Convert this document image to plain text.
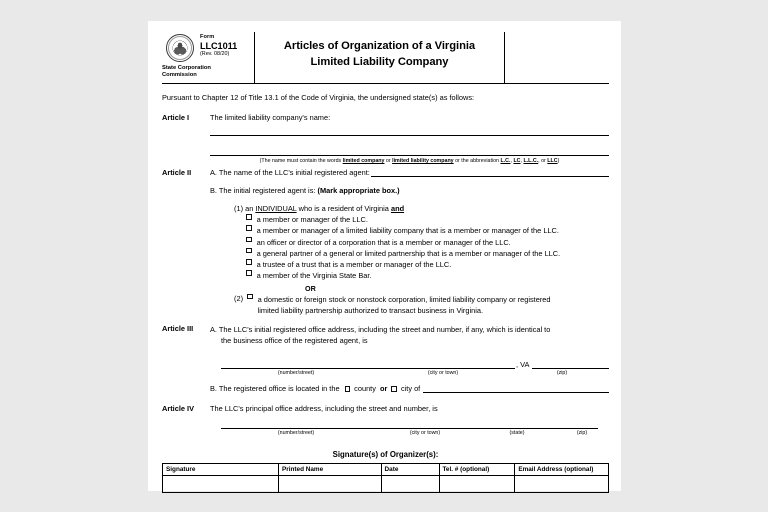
Form
LLC1011
(Rev. 08/20)
State Corporation
Commission
Articles of Organization of a Virginia
Limited Liability Company
Pursuant to Chapter 12 of Title 13.1 of the Code of Virginia, the undersigned state(s) as follows:
Article I	The limited liability company's name:
(The name must contain the words limited company or limited liability company or the abbreviation L.C., LC, L.L.C., or LLC)
Article II	A. The name of the LLC's initial registered agent:
B. The initial registered agent is: (Mark appropriate box.)
(1) an INDIVIDUAL who is a resident of Virginia and
a member or manager of the LLC.
a member or manager of a limited liability company that is a member or manager of the LLC.
an officer or director of a corporation that is a member or manager of the LLC.
a general partner of a general or limited partnership that is a member or manager of the LLC.
a trustee of a trust that is a member or manager of the LLC.
a member of the Virginia State Bar.
OR
(2) a domestic or foreign stock or nonstock corporation, limited liability company or registered
limited liability partnership authorized to transact business in Virginia.
Article III	A. The LLC's initial registered office address, including the street and number, if any, which is identical to
the business office of the registered agent, is
, VA
(number/street)	(city or town)	(zip)
B. The registered office is located in the county or city of
Article IV	The LLC's principal office address, including the street and number, is
(number/street)	(city or town)	(state)	(zip)
Signature(s) of Organizer(s):
Signature	Printed Name	Date	Tel. # (optional)	Email Address (optional)
